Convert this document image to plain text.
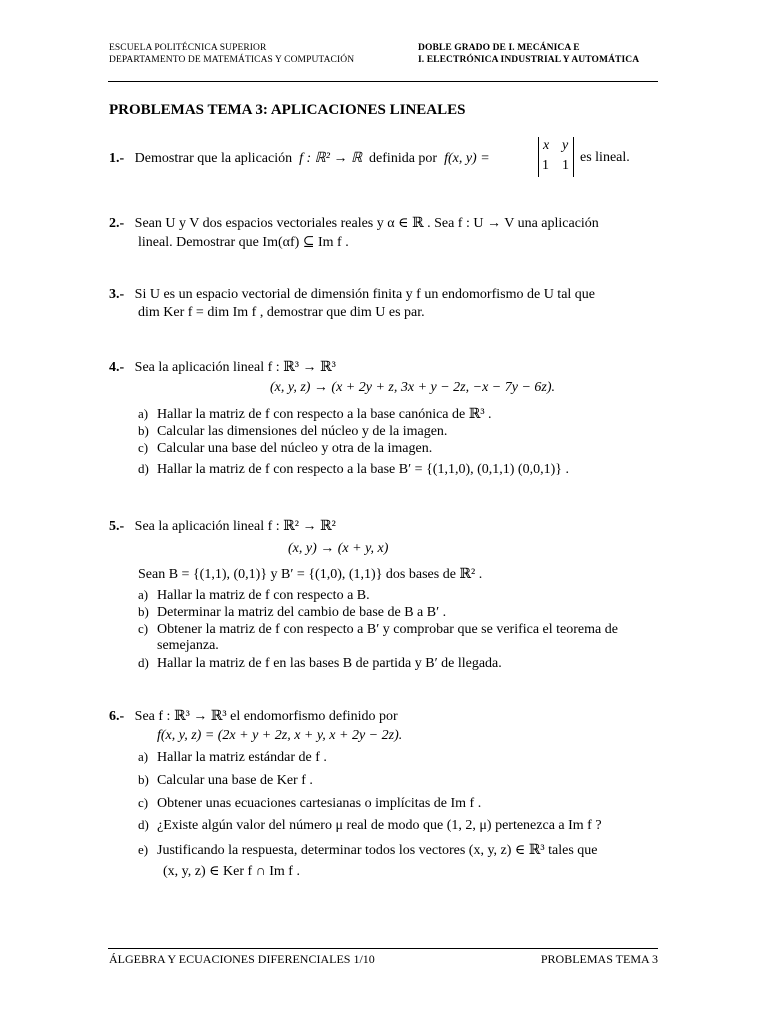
ESCUELA POLITÉCNICA SUPERIOR
DEPARTAMENTO DE MATEMÁTICAS Y COMPUTACIÓN
DOBLE GRADO DE I. MECÁNICA E
I. ELECTRÓNICA INDUSTRIAL Y AUTOMÁTICA
PROBLEMAS TEMA 3: APLICACIONES LINEALES
1.- Demostrar que la aplicación f : ℝ² → ℝ definida por f(x, y) =
x y
1 1
es lineal.
2.- Sean U y V dos espacios vectoriales reales y α ∈ ℝ . Sea f : U → V una aplicación
lineal. Demostrar que Im(αf) ⊆ Im f .
3.- Si U es un espacio vectorial de dimensión finita y f un endomorfismo de U tal que
dim Ker f = dim Im f , demostrar que dim U es par.
4.- Sea la aplicación lineal f : ℝ³ → ℝ³
(x, y, z) → (x + 2y + z, 3x + y − 2z, −x − 7y − 6z).
a) Hallar la matriz de f con respecto a la base canónica de ℝ³ .
b) Calcular las dimensiones del núcleo y de la imagen.
c) Calcular una base del núcleo y otra de la imagen.
d) Hallar la matriz de f con respecto a la base B′ = {(1,1,0), (0,1,1) (0,0,1)} .
5.- Sea la aplicación lineal f : ℝ² → ℝ²
(x, y) → (x + y, x)
Sean B = {(1,1), (0,1)} y B′ = {(1,0), (1,1)} dos bases de ℝ² .
a) Hallar la matriz de f con respecto a B.
b) Determinar la matriz del cambio de base de B a B′ .
c) Obtener la matriz de f con respecto a B′ y comprobar que se verifica el teorema de
semejanza.
d) Hallar la matriz de f en las bases B de partida y B′ de llegada.
6.- Sea f : ℝ³ → ℝ³ el endomorfismo definido por
f(x, y, z) = (2x + y + 2z, x + y, x + 2y − 2z).
a) Hallar la matriz estándar de f .
b) Calcular una base de Ker f .
c) Obtener unas ecuaciones cartesianas o implícitas de Im f .
d) ¿Existe algún valor del número μ real de modo que (1, 2, μ) pertenezca a Im f ?
e) Justificando la respuesta, determinar todos los vectores (x, y, z) ∈ ℝ³ tales que
(x, y, z) ∈ Ker f ∩ Im f .
ÁLGEBRA Y ECUACIONES DIFERENCIALES 1/10	PROBLEMAS TEMA 3
